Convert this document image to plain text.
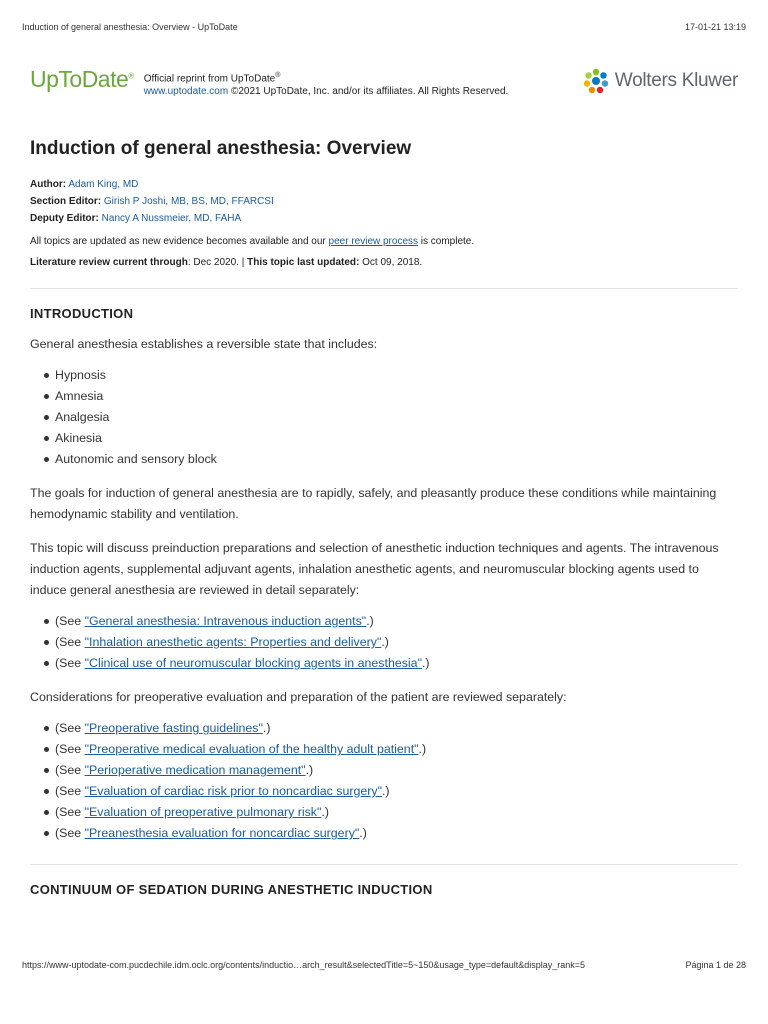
Induction of general anesthesia: Overview - UpToDate	17-01-21 13:19
UpToDate® Official reprint from UpToDate®
www.uptodate.com ©2021 UpToDate, Inc. and/or its affiliates. All Rights Reserved.
Wolters Kluwer
Induction of general anesthesia: Overview
Author: Adam King, MD
Section Editor: Girish P Joshi, MB, BS, MD, FFARCSI
Deputy Editor: Nancy A Nussmeier, MD, FAHA
All topics are updated as new evidence becomes available and our peer review process is complete.
Literature review current through: Dec 2020. | This topic last updated: Oct 09, 2018.
INTRODUCTION

General anesthesia establishes a reversible state that includes:

Hypnosis
Amnesia
Analgesia
Akinesia
Autonomic and sensory block

The goals for induction of general anesthesia are to rapidly, safely, and pleasantly produce these conditions while maintaining hemodynamic stability and ventilation.

This topic will discuss preinduction preparations and selection of anesthetic induction techniques and agents. The intravenous induction agents, supplemental adjuvant agents, inhalation anesthetic agents, and neuromuscular blocking agents used to induce general anesthesia are reviewed in detail separately:

(See "General anesthesia: Intravenous induction agents".)
(See "Inhalation anesthetic agents: Properties and delivery".)
(See "Clinical use of neuromuscular blocking agents in anesthesia".)

Considerations for preoperative evaluation and preparation of the patient are reviewed separately:

(See "Preoperative fasting guidelines".)
(See "Preoperative medical evaluation of the healthy adult patient".)
(See "Perioperative medication management".)
(See "Evaluation of cardiac risk prior to noncardiac surgery".)
(See "Evaluation of preoperative pulmonary risk".)
(See "Preanesthesia evaluation for noncardiac surgery".)
CONTINUUM OF SEDATION DURING ANESTHETIC INDUCTION
https://www-uptodate-com.pucdechile.idm.oclc.org/contents/inductio…arch_result&selectedTitle=5~150&usage_type=default&display_rank=5	Página 1 de 28
